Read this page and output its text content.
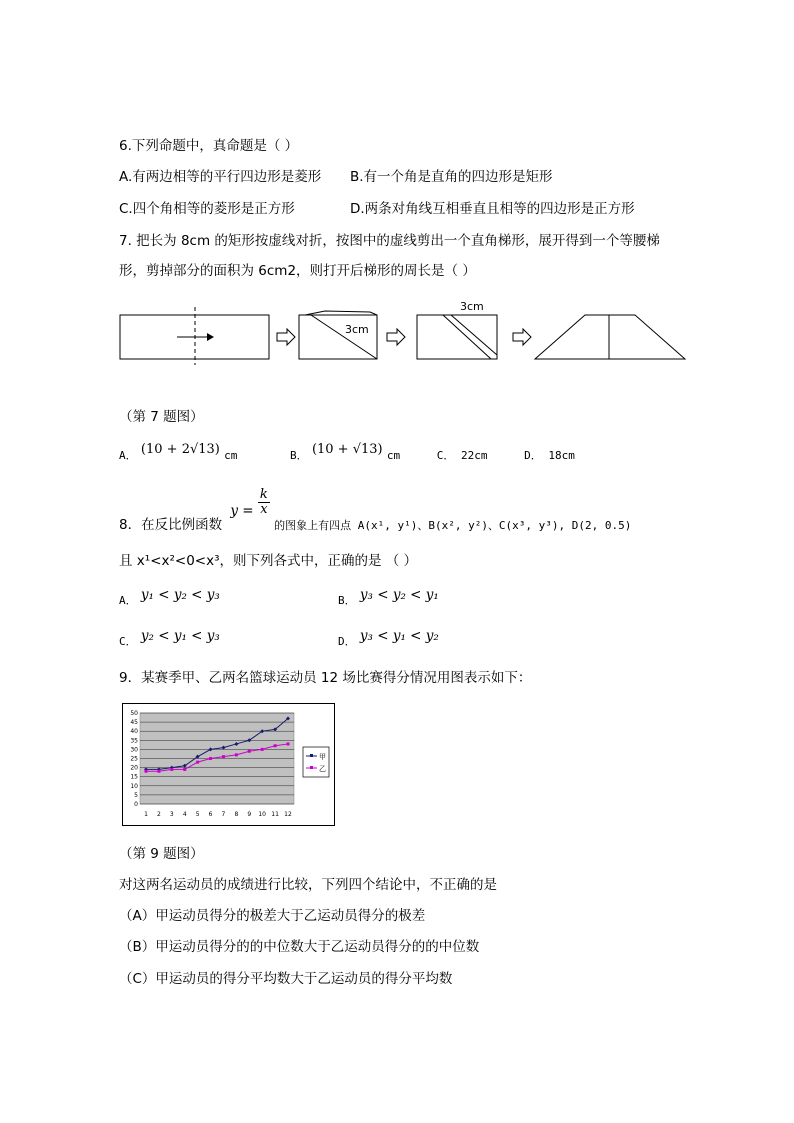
6.下列命题中，真命题是（ ）
A.有两边相等的平行四边形是菱形 B.有一个角是直角的四边形是矩形
C.四个角相等的菱形是正方形	D.两条对角线互相垂直且相等的四边形是正方形
7. 把长为 8cm 的矩形按虚线对折，按图中的虚线剪出一个直角梯形，展开得到一个等腰梯
形，剪掉部分的面积为 6cm2，则打开后梯形的周长是（ ）
3cm
3cm
（第 7 题图）
A． (10 + 2√13) cm	B． (10 + √13) cm	C． 22cm	D． 18cm
8．在反比例函数 $y = \frac{k}{x}$
$_{的图象上有四点 A(x^1, y^1)、B(x^2, y^2)、C(x^3, y^3), D(2, 0.5)}$
且 x¹<x²<0<x³，则下列各式中，正确的是 （ ）
A． y₁ < y₂ < y₃	B． y₃ < y₂ < y₁
C． y₂ < y₁ < y₃	D． y₃ < y₁ < y₂
9．某赛季甲、乙两名篮球运动员 12 场比赛得分情况用图表示如下：
0
5
10
15
20
25
30
35
40
45
50
1 2 3 4 5 6 7 8 9 10 11 12
甲
乙
（第 9 题图）
对这两名运动员的成绩进行比较，下列四个结论中，不正确的是
（A）甲运动员得分的极差大于乙运动员得分的极差
（B）甲运动员得分的的中位数大于乙运动员得分的的中位数
（C）甲运动员的得分平均数大于乙运动员的得分平均数
